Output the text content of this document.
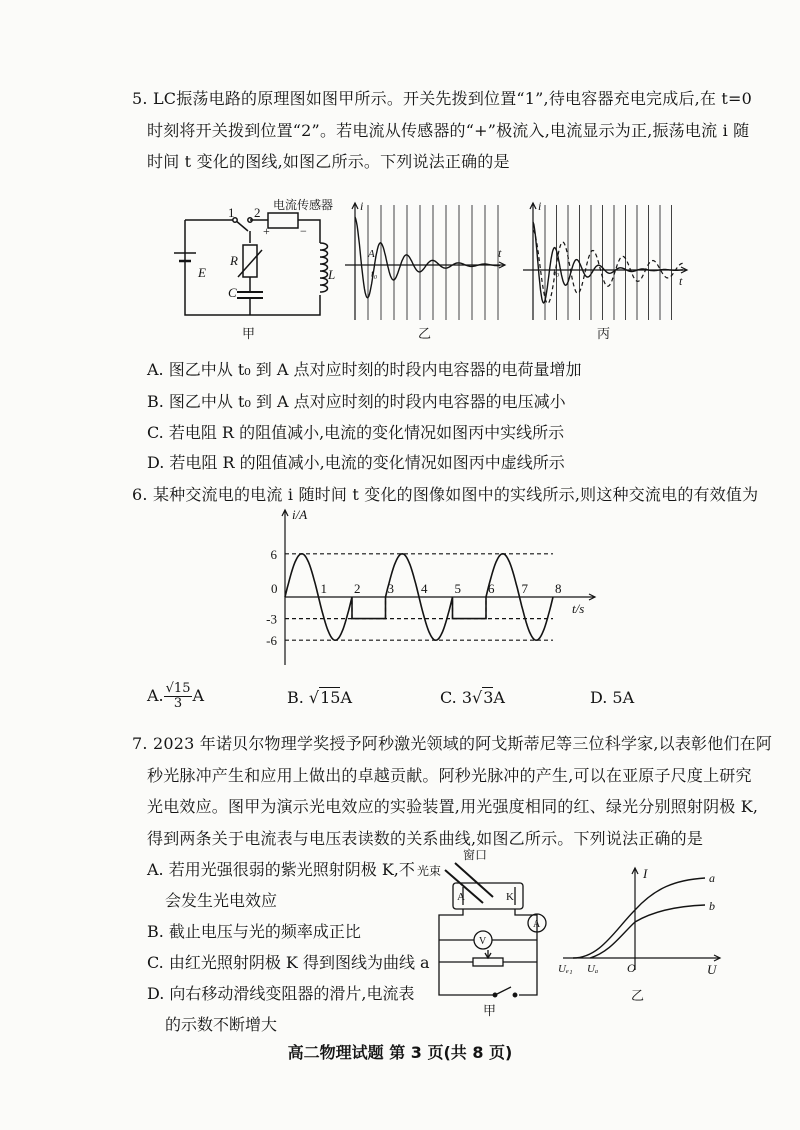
5. LC振荡电路的原理图如图甲所示。开关先拨到位置“1”,待电容器充电完成后,在 t=0
时刻将开关拨到位置“2”。若电流从传感器的“+”极流入,电流显示为正,振荡电流 i 随
时间 t 变化的图线,如图乙所示。下列说法正确的是
1 2 电流传感器
+	−
E
R
C
L
甲
i
t
A
t₀
乙
i
t
t₀
丙
A. 图乙中从 t₀ 到 A 点对应时刻的时段内电容器的电荷量增加
B. 图乙中从 t₀ 到 A 点对应时刻的时段内电容器的电压减小
C. 若电阻 R 的阻值减小,电流的变化情况如图丙中实线所示
D. 若电阻 R 的阻值减小,电流的变化情况如图丙中虚线所示
6. 某种交流电的电流 i 随时间 t 变化的图像如图中的实线所示,则这种交流电的有效值为
0	1 2 3 4 5 6 7 8
6
-3
-6
i/A
t/s
A. $\frac{√15}{3}$ A	B. √15A	C. 3√3A	D. 5A
7. 2023 年诺贝尔物理学奖授予阿秒激光领域的阿戈斯蒂尼等三位科学家,以表彰他们在阿
秒光脉冲产生和应用上做出的卓越贡献。阿秒光脉冲的产生,可以在亚原子尺度上研究
光电效应。图甲为演示光电效应的实验装置,用光强度相同的红、绿光分别照射阴极 K,
得到两条关于电流表与电压表读数的关系曲线,如图乙所示。下列说法正确的是
A. 若用光强很弱的紫光照射阴极 K,不
会发生光电效应
B. 截止电压与光的频率成正比
C. 由红光照射阴极 K 得到图线为曲线 a
D. 向右移动滑线变阻器的滑片,电流表
的示数不断增大
窗口
光束
A	K
A
V
甲
I
U
a
b
O
Uₑ₁ Uₐ
乙
高二物理试题 第 3 页(共 8 页)
